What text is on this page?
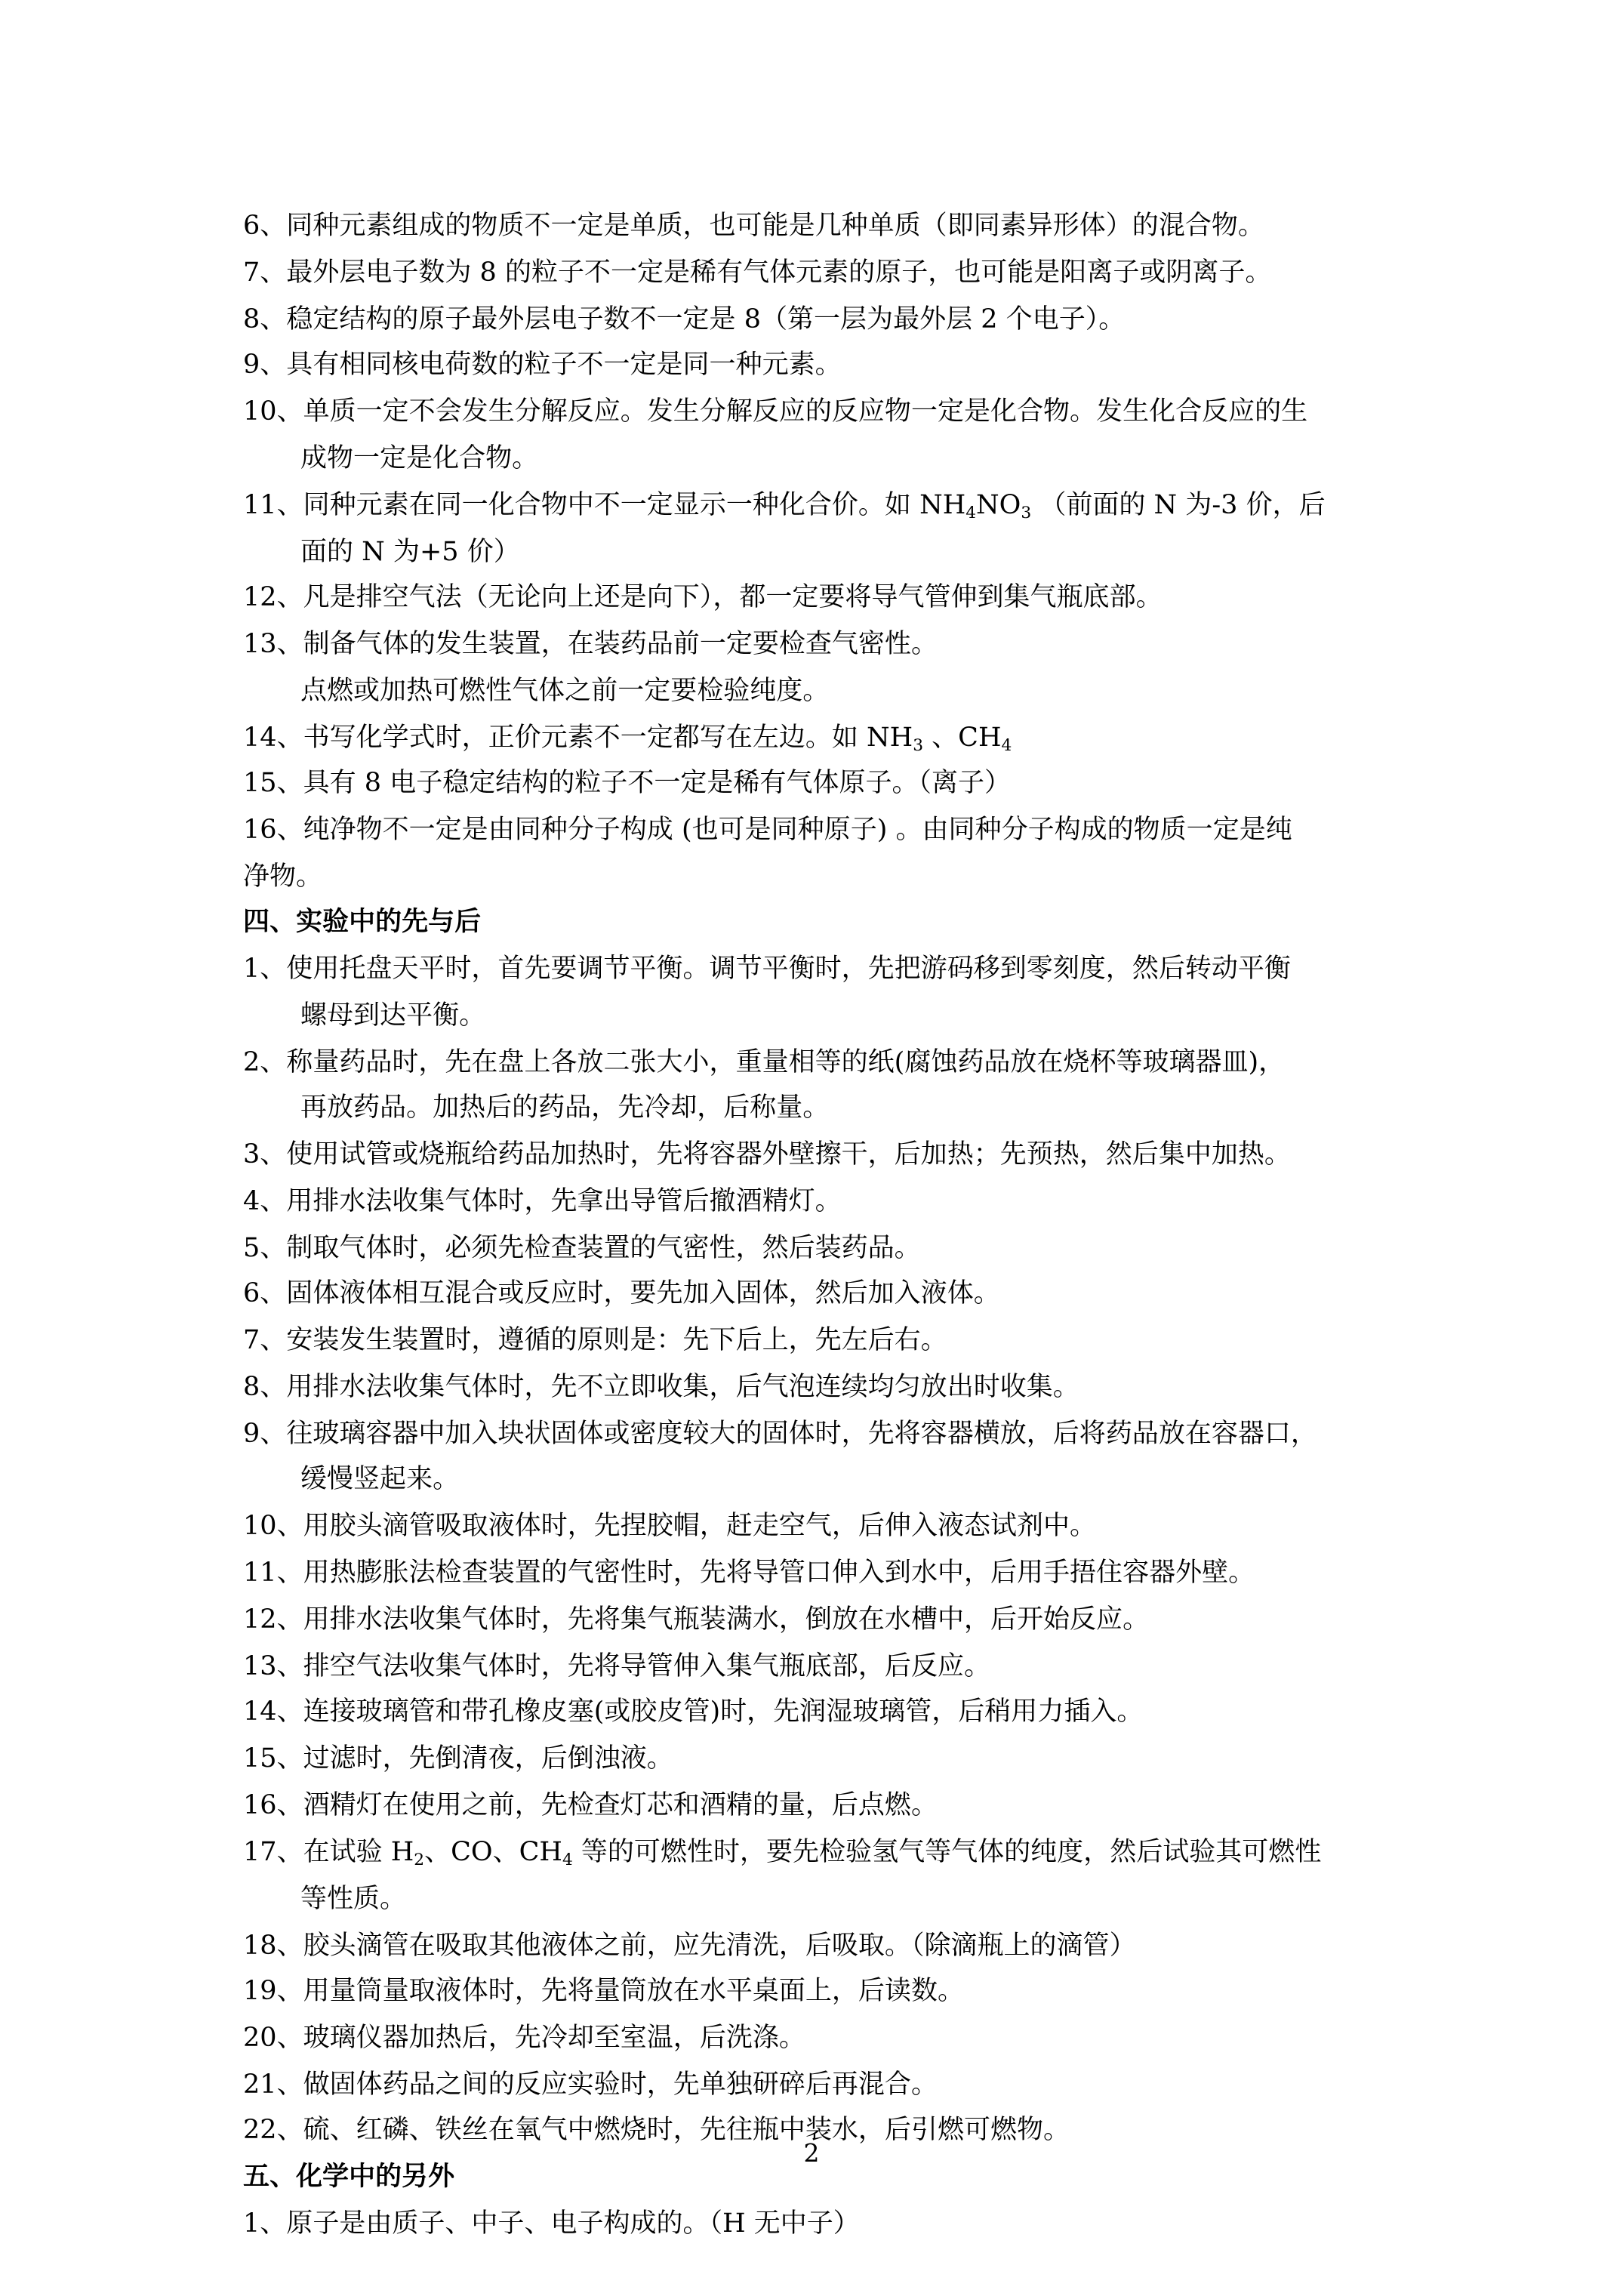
6、同种元素组成的物质不一定是单质，也可能是几种单质（即同素异形体）的混合物。
7、最外层电子数为 8 的粒子不一定是稀有气体元素的原子，也可能是阳离子或阴离子。
8、稳定结构的原子最外层电子数不一定是 8（第一层为最外层 2 个电子）。
9、具有相同核电荷数的粒子不一定是同一种元素。
10、单质一定不会发生分解反应。发生分解反应的反应物一定是化合物。发生化合反应的生
成物一定是化合物。
11、同种元素在同一化合物中不一定显示一种化合价。如 $NH_4NO_3$ （前面的 N 为-3 价，后
面的 N 为+5 价）
12、凡是排空气法（无论向上还是向下），都一定要将导气管伸到集气瓶底部。
13、制备气体的发生装置，在装药品前一定要检查气密性。
点燃或加热可燃性气体之前一定要检验纯度。
14、书写化学式时，正价元素不一定都写在左边。如 $NH_3$ 、$CH_4$
15、具有 8 电子稳定结构的粒子不一定是稀有气体原子。（离子）
16、纯净物不一定是由同种分子构成 (也可是同种原子) 。由同种分子构成的物质一定是纯
净物。
四、实验中的先与后
1、使用托盘天平时，首先要调节平衡。调节平衡时，先把游码移到零刻度，然后转动平衡
螺母到达平衡。
2、称量药品时，先在盘上各放二张大小，重量相等的纸(腐蚀药品放在烧杯等玻璃器皿)，
再放药品。加热后的药品，先冷却，后称量。
3、使用试管或烧瓶给药品加热时，先将容器外壁擦干，后加热；先预热，然后集中加热。
4、用排水法收集气体时，先拿出导管后撤酒精灯。
5、制取气体时，必须先检查装置的气密性，然后装药品。
6、固体液体相互混合或反应时，要先加入固体，然后加入液体。
7、安装发生装置时，遵循的原则是：先下后上，先左后右。
8、用排水法收集气体时，先不立即收集，后气泡连续均匀放出时收集。
9、往玻璃容器中加入块状固体或密度较大的固体时，先将容器横放，后将药品放在容器口，
缓慢竖起来。
10、用胶头滴管吸取液体时，先捏胶帽，赶走空气，后伸入液态试剂中。
11、用热膨胀法检查装置的气密性时，先将导管口伸入到水中，后用手捂住容器外壁。
12、用排水法收集气体时，先将集气瓶装满水，倒放在水槽中，后开始反应。
13、排空气法收集气体时，先将导管伸入集气瓶底部，后反应。
14、连接玻璃管和带孔橡皮塞(或胶皮管)时，先润湿玻璃管，后稍用力插入。
15、过滤时，先倒清夜，后倒浊液。
16、酒精灯在使用之前，先检查灯芯和酒精的量，后点燃。
17、在试验 $H_2$、CO、$CH_4$ 等的可燃性时，要先检验氢气等气体的纯度，然后试验其可燃性
等性质。
18、胶头滴管在吸取其他液体之前，应先清洗，后吸取。（除滴瓶上的滴管）
19、用量筒量取液体时，先将量筒放在水平桌面上，后读数。
20、玻璃仪器加热后，先冷却至室温，后洗涤。
21、做固体药品之间的反应实验时，先单独研碎后再混合。
22、硫、红磷、铁丝在氧气中燃烧时，先往瓶中装水，后引燃可燃物。
五、化学中的另外
1、原子是由质子、中子、电子构成的。（H 无中子）
2
